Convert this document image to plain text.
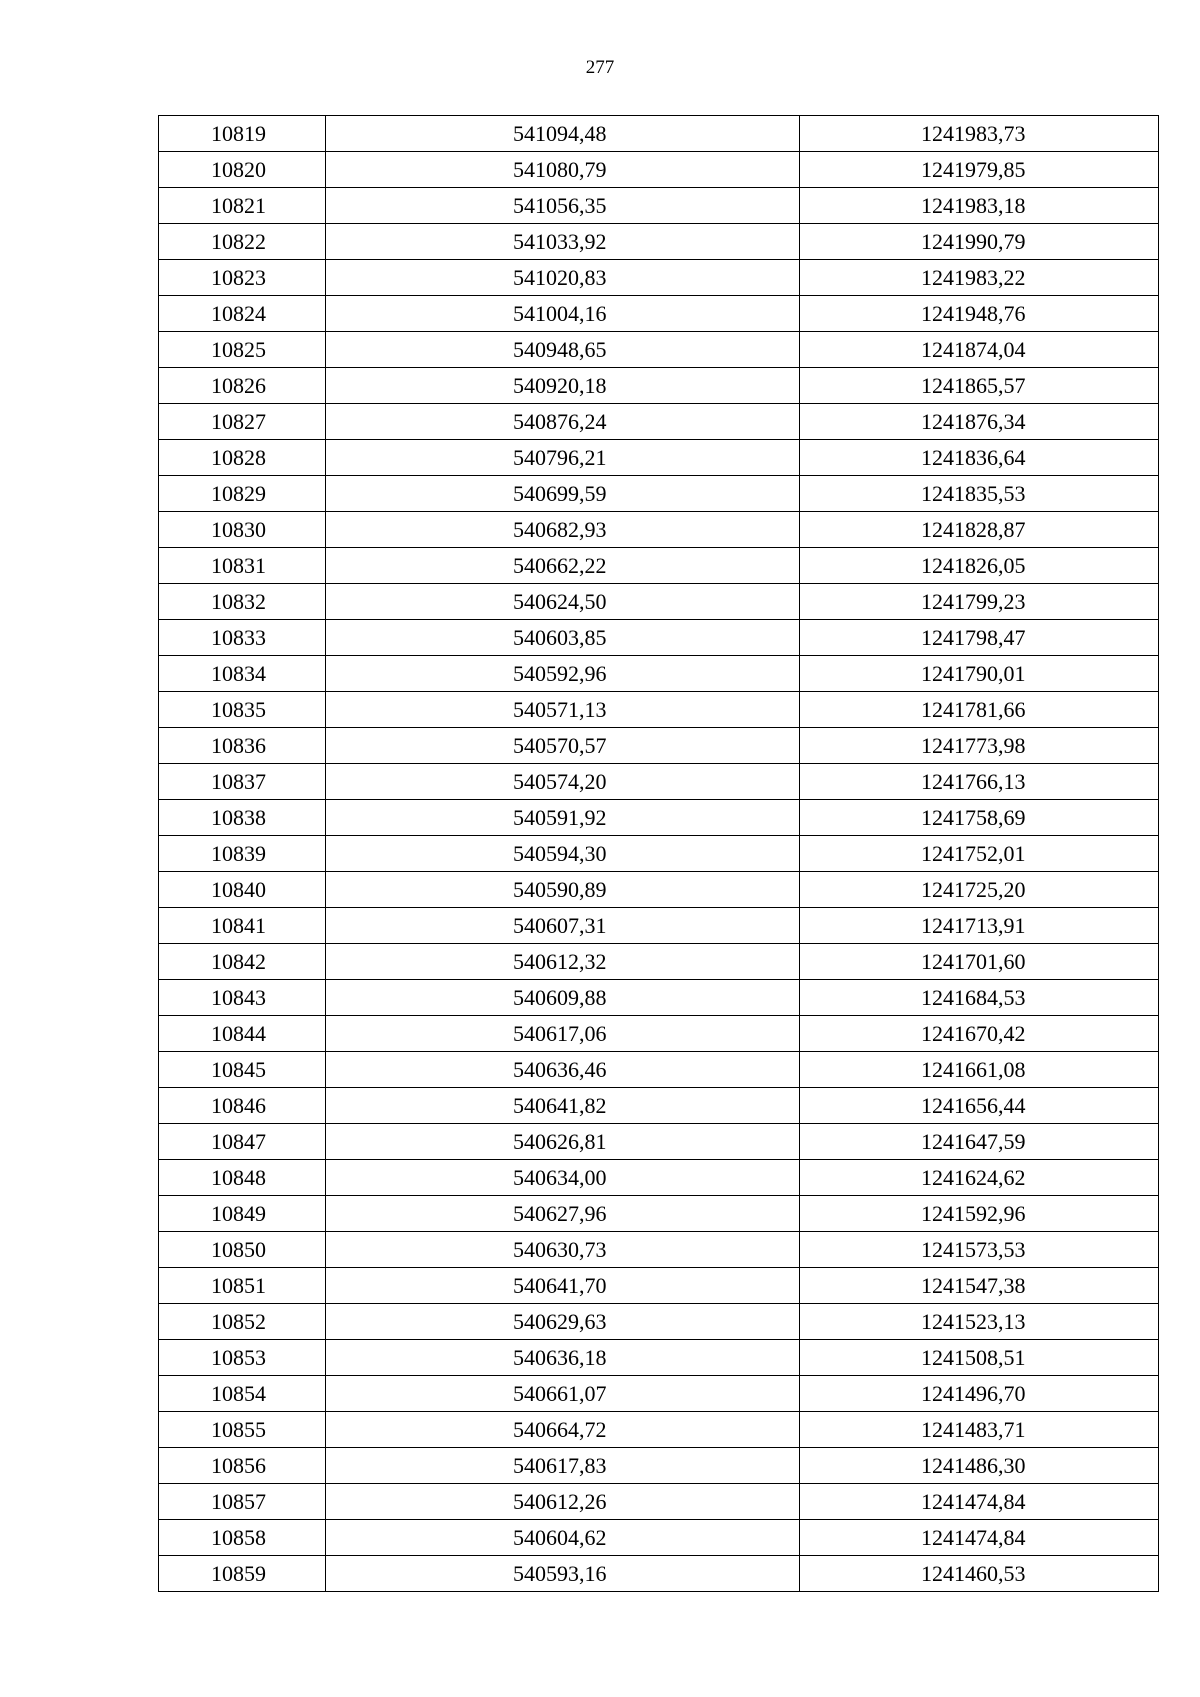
277
10819	541094,48	1241983,73
10820	541080,79	1241979,85
10821	541056,35	1241983,18
10822	541033,92	1241990,79
10823	541020,83	1241983,22
10824	541004,16	1241948,76
10825	540948,65	1241874,04
10826	540920,18	1241865,57
10827	540876,24	1241876,34
10828	540796,21	1241836,64
10829	540699,59	1241835,53
10830	540682,93	1241828,87
10831	540662,22	1241826,05
10832	540624,50	1241799,23
10833	540603,85	1241798,47
10834	540592,96	1241790,01
10835	540571,13	1241781,66
10836	540570,57	1241773,98
10837	540574,20	1241766,13
10838	540591,92	1241758,69
10839	540594,30	1241752,01
10840	540590,89	1241725,20
10841	540607,31	1241713,91
10842	540612,32	1241701,60
10843	540609,88	1241684,53
10844	540617,06	1241670,42
10845	540636,46	1241661,08
10846	540641,82	1241656,44
10847	540626,81	1241647,59
10848	540634,00	1241624,62
10849	540627,96	1241592,96
10850	540630,73	1241573,53
10851	540641,70	1241547,38
10852	540629,63	1241523,13
10853	540636,18	1241508,51
10854	540661,07	1241496,70
10855	540664,72	1241483,71
10856	540617,83	1241486,30
10857	540612,26	1241474,84
10858	540604,62	1241474,84
10859	540593,16	1241460,53
